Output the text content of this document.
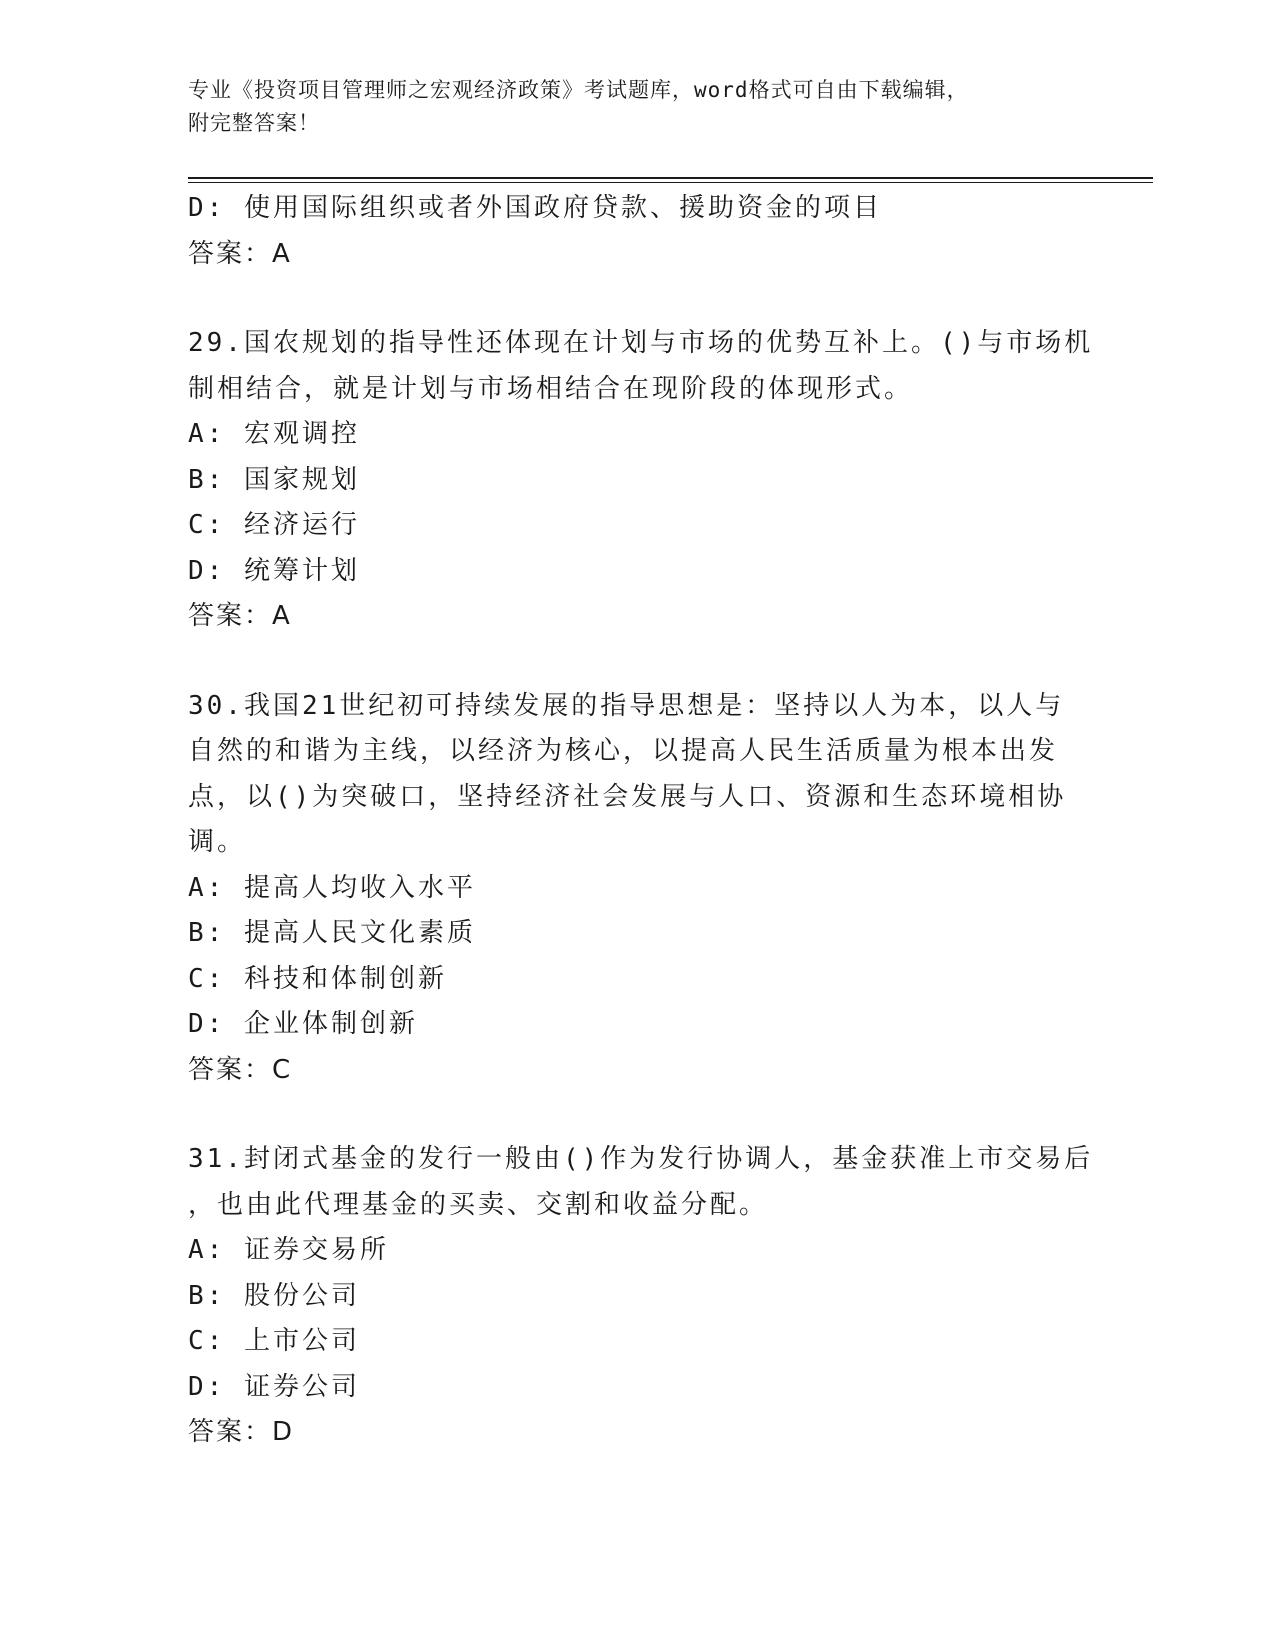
专业《投资项目管理师之宏观经济政策》考试题库，word格式可自由下载编辑，
附完整答案！
D: 使用国际组织或者外国政府贷款、援助资金的项目
答案：A
29.国农规划的指导性还体现在计划与市场的优势互补上。()与市场机
制相结合，就是计划与市场相结合在现阶段的体现形式。
A: 宏观调控
B: 国家规划
C: 经济运行
D: 统筹计划
答案：A
30.我国21世纪初可持续发展的指导思想是：坚持以人为本，以人与
自然的和谐为主线，以经济为核心，以提高人民生活质量为根本出发
点，以()为突破口，坚持经济社会发展与人口、资源和生态环境相协
调。
A: 提高人均收入水平
B: 提高人民文化素质
C: 科技和体制创新
D: 企业体制创新
答案：C
31.封闭式基金的发行一般由()作为发行协调人，基金获准上市交易后
，也由此代理基金的买卖、交割和收益分配。
A: 证券交易所
B: 股份公司
C: 上市公司
D: 证券公司
答案：D
